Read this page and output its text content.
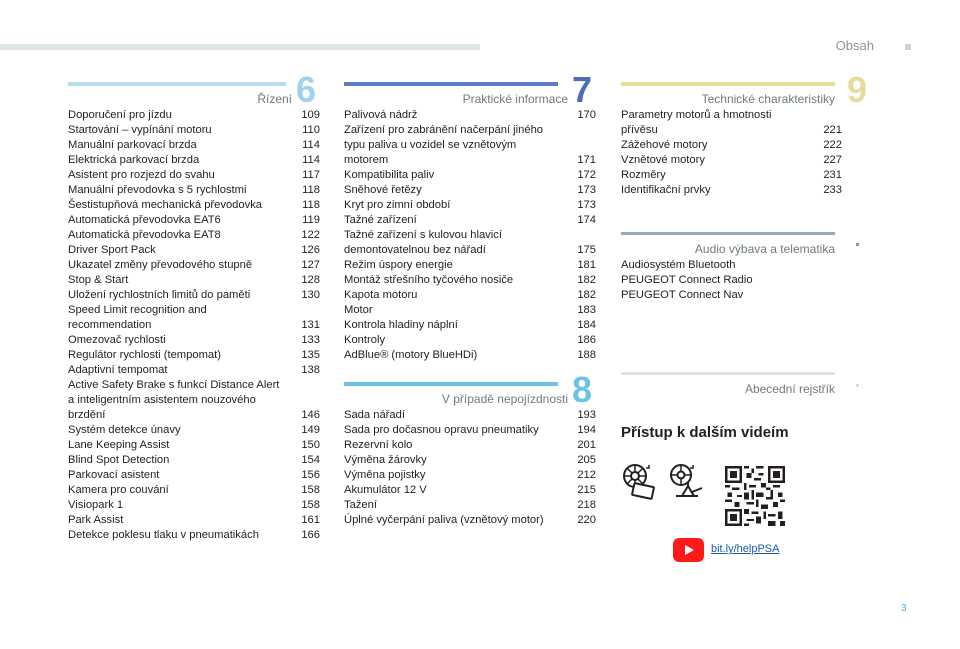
Obsah
Řízení 6
Doporučení pro jízdu	109
Startování – vypínání motoru	110
Manuální parkovací brzda	114
Elektrická parkovací brzda	114
Asistent pro rozjezd do svahu	117
Manuální převodovka s 5 rychlostmi	118
Šestistupňová mechanická převodovka	118
Automatická převodovka EAT6	119
Automatická převodovka EAT8	122
Driver Sport Pack	126
Ukazatel změny převodového stupně	127
Stop & Start	128
Uložení rychlostních limitů do paměti	130
Speed Limit recognition and recommendation	131
Omezovač rychlosti	133
Regulátor rychlosti (tempomat)	135
Adaptivní tempomat	138
Active Safety Brake s funkcí Distance Alert a inteligentním asistentem nouzového brzdění	146
Systém detekce únavy	149
Lane Keeping Assist	150
Blind Spot Detection	154
Parkovací asistent	156
Kamera pro couvání	158
Visiopark 1	158
Park Assist	161
Detekce poklesu tlaku v pneumatikách	166
Praktické informace 7
Palivová nádrž	170
Zařízení pro zabránění načerpání jiného typu paliva u vozidel se vznětovým motorem	171
Kompatibilita paliv	172
Sněhové řetězy	173
Kryt pro zimní období	173
Tažné zařízení	174
Tažné zařízení s kulovou hlavicí demontovatelnou bez nářadí	175
Režim úspory energie	181
Montáž střešního tyčového nosiče	182
Kapota motoru	182
Motor	183
Kontrola hladiny náplní	184
Kontroly	186
AdBlue® (motory BlueHDi)	188
V případě nepojízdnosti 8
Sada nářadí	193
Sada pro dočasnou opravu pneumatiky	194
Rezervní kolo	201
Výměna žárovky	205
Výměna pojistky	212
Akumulátor 12 V	215
Tažení	218
Úplné vyčerpání paliva (vznětový motor)	220
Technické charakteristiky 9
Parametry motorů a hmotnosti přívěsu	221
Zážehové motory	222
Vznětové motory	227
Rozměry	231
Identifikační prvky	233
Audio výbava a telematika
Audiosystém Bluetooth
PEUGEOT Connect Radio
PEUGEOT Connect Nav
Abecední rejstřík
Přístup k dalším videím
bit.ly/helpPSA
3
